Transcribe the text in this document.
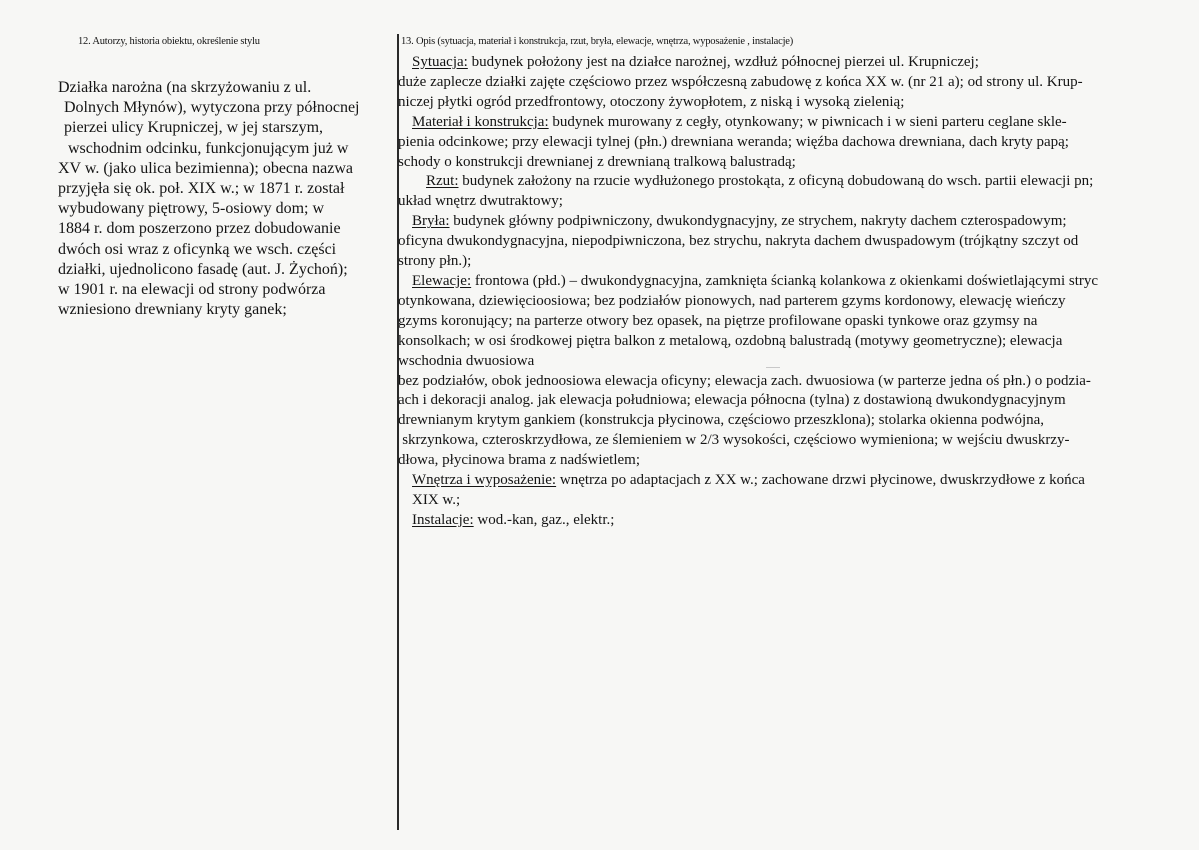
12. Autorzy, historia obiektu, określenie stylu
Działka narożna (na skrzyżowaniu z ul.
Dolnych Młynów), wytyczona przy północnej
pierzei ulicy Krupniczej, w jej starszym,
wschodnim odcinku, funkcjonującym już w
XV w. (jako ulica bezimienna); obecna nazwa
przyjęła się ok. poł. XIX w.; w 1871 r. został
wybudowany piętrowy, 5-osiowy dom; w
1884 r. dom poszerzono przez dobudowanie
dwóch osi wraz z oficynką we wsch. części
działki, ujednolicono fasadę (aut. J. Żychoń);
w 1901 r. na elewacji od strony podwórza
wzniesiono drewniany kryty ganek;
13. Opis (sytuacja, materiał i konstrukcja, rzut, bryła, elewacje, wnętrza, wyposażenie , instalacje)
Sytuacja: budynek położony jest na działce narożnej, wzdłuż północnej pierzei ul. Krupniczej;
duże zaplecze działki zajęte częściowo przez współczesną zabudowę z końca XX w. (nr 21 a); od strony ul. Krup-
niczej płytki ogród przedfrontowy, otoczony żywopłotem, z niską i wysoką zielenią;
Materiał i konstrukcja: budynek murowany z cegły, otynkowany; w piwnicach i w sieni parteru ceglane skle-
pienia odcinkowe; przy elewacji tylnej (płn.) drewniana weranda; więźba dachowa drewniana, dach kryty papą;
schody o konstrukcji drewnianej z drewnianą tralkową balustradą;
Rzut: budynek założony na rzucie wydłużonego prostokąta, z oficyną dobudowaną do wsch. partii elewacji pn;
układ wnętrz dwutraktowy;
Bryła: budynek główny podpiwniczony, dwukondygnacyjny, ze strychem, nakryty dachem czterospadowym;
oficyna dwukondygnacyjna, niepodpiwniczona, bez strychu, nakryta dachem dwuspadowym (trójkątny szczyt od
strony płn.);
Elewacje: frontowa (płd.) – dwukondygnacyjna, zamknięta ścianką kolankowa z okienkami doświetlającymi stryc
otynkowana, dziewięcioosiowa; bez podziałów pionowych, nad parterem gzyms kordonowy, elewację wieńczy
gzyms koronujący; na parterze otwory bez opasek, na piętrze profilowane opaski tynkowe oraz gzymsy na
konsolkach; w osi środkowej piętra balkon z metalową, ozdobną balustradą (motywy geometryczne); elewacja
wschodnia dwuosiowa
bez podziałów, obok jednoosiowa elewacja oficyny; elewacja zach. dwuosiowa (w parterze jedna oś płn.) o podzia-
ach i dekoracji analog. jak elewacja południowa; elewacja północna (tylna) z dostawioną dwukondygnacyjnym
drewnianym krytym gankiem (konstrukcja płycinowa, częściowo przeszklona); stolarka okienna podwójna,
skrzynkowa, czteroskrzydłowa, ze ślemieniem w 2/3 wysokości, częściowo wymieniona; w wejściu dwuskrzy-
dłowa, płycinowa brama z nadświetlem;
Wnętrza i wyposażenie: wnętrza po adaptacjach z XX w.; zachowane drzwi płycinowe, dwuskrzydłowe z końca
XIX w.;
Instalacje: wod.-kan, gaz., elektr.;
